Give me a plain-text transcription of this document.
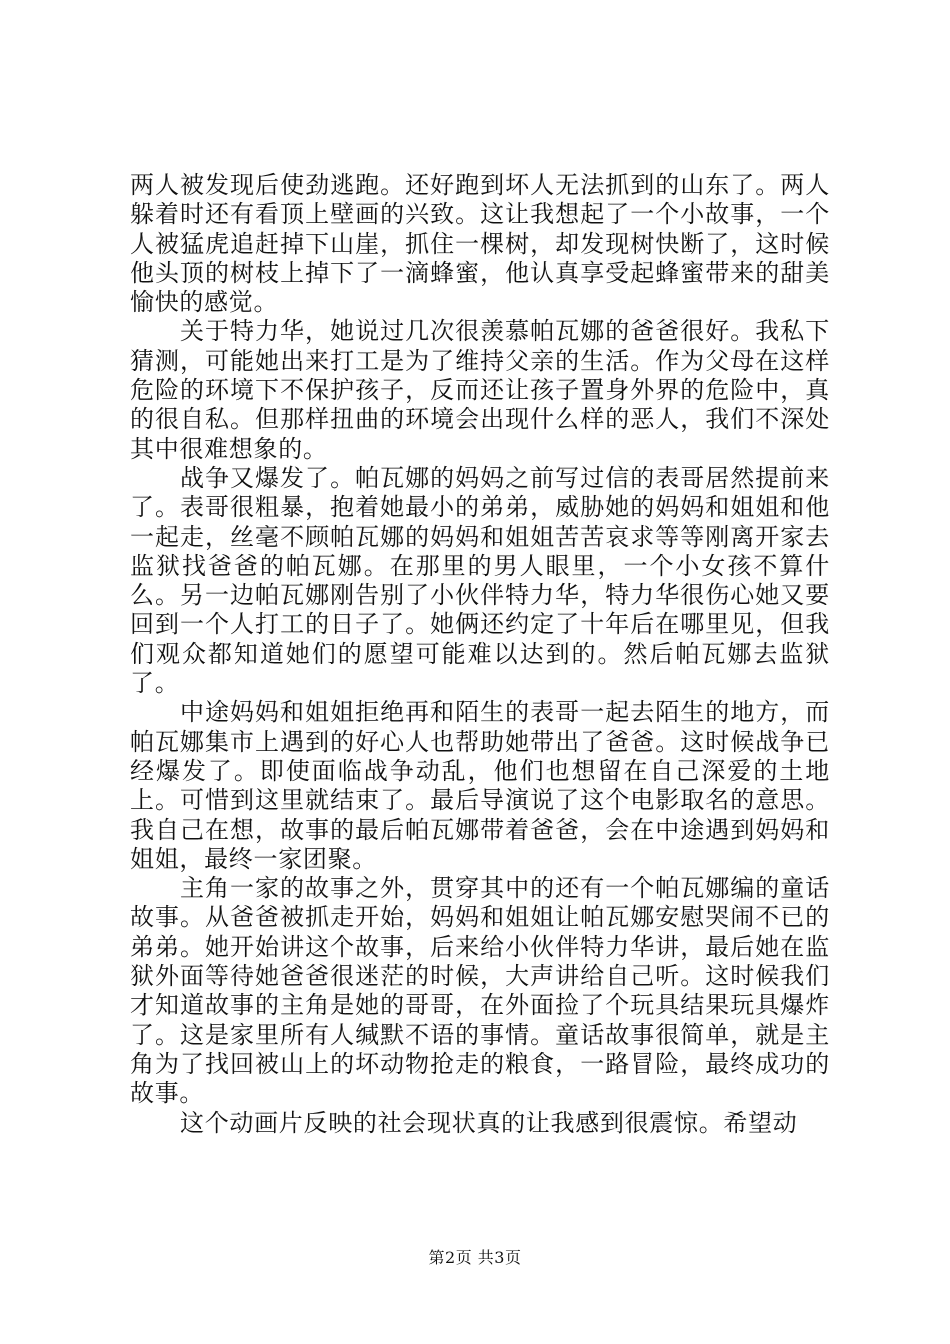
两人被发现后使劲逃跑。还好跑到坏人无法抓到的山东了。两人躲着时还有看顶上壁画的兴致。这让我想起了一个小故事，一个人被猛虎追赶掉下山崖，抓住一棵树，却发现树快断了，这时候他头顶的树枝上掉下了一滴蜂蜜，他认真享受起蜂蜜带来的甜美愉快的感觉。

关于特力华，她说过几次很羡慕帕瓦娜的爸爸很好。我私下猜测，可能她出来打工是为了维持父亲的生活。作为父母在这样危险的环境下不保护孩子，反而还让孩子置身外界的危险中，真的很自私。但那样扭曲的环境会出现什么样的恶人，我们不深处其中很难想象的。

战争又爆发了。帕瓦娜的妈妈之前写过信的表哥居然提前来了。表哥很粗暴，抱着她最小的弟弟，威胁她的妈妈和姐姐和他一起走，丝毫不顾帕瓦娜的妈妈和姐姐苦苦哀求等等刚离开家去监狱找爸爸的帕瓦娜。在那里的男人眼里，一个小女孩不算什么。另一边帕瓦娜刚告别了小伙伴特力华，特力华很伤心她又要回到一个人打工的日子了。她俩还约定了十年后在哪里见，但我们观众都知道她们的愿望可能难以达到的。然后帕瓦娜去监狱了。

中途妈妈和姐姐拒绝再和陌生的表哥一起去陌生的地方，而帕瓦娜集市上遇到的好心人也帮助她带出了爸爸。这时候战争已经爆发了。即使面临战争动乱，他们也想留在自己深爱的土地上。可惜到这里就结束了。最后导演说了这个电影取名的意思。我自己在想，故事的最后帕瓦娜带着爸爸，会在中途遇到妈妈和姐姐，最终一家团聚。

主角一家的故事之外，贯穿其中的还有一个帕瓦娜编的童话故事。从爸爸被抓走开始，妈妈和姐姐让帕瓦娜安慰哭闹不已的弟弟。她开始讲这个故事，后来给小伙伴特力华讲，最后她在监狱外面等待她爸爸很迷茫的时候，大声讲给自己听。这时候我们才知道故事的主角是她的哥哥，在外面捡了个玩具结果玩具爆炸了。这是家里所有人缄默不语的事情。童话故事很简单，就是主角为了找回被山上的坏动物抢走的粮食，一路冒险，最终成功的故事。

这个动画片反映的社会现状真的让我感到很震惊。希望动

第2页 共3页
